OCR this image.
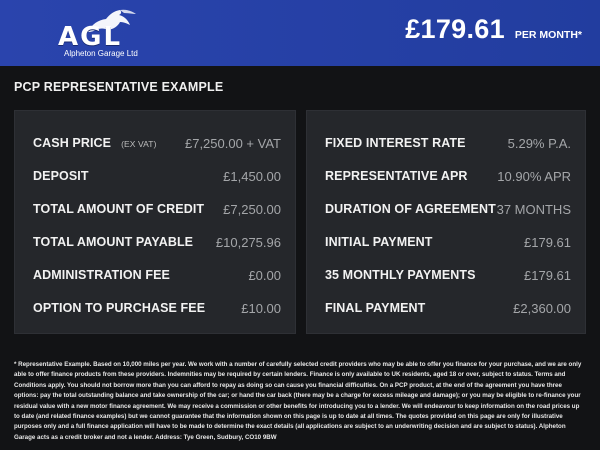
AGL
Alpheton Garage Ltd
£179.61 PER MONTH*
PCP REPRESENTATIVE EXAMPLE
CASH PRICE (EX VAT) £7,250.00 + VAT
DEPOSIT	£1,450.00
TOTAL AMOUNT OF CREDIT £7,250.00
TOTAL AMOUNT PAYABLE £10,275.96
ADMINISTRATION FEE	£0.00
OPTION TO PURCHASE FEE	£10.00
FIXED INTEREST RATE	5.29% P.A.
REPRESENTATIVE APR 10.90% APR
DURATION OF AGREEMENT 37 MONTHS
INITIAL PAYMENT	£179.61
35 MONTHLY PAYMENTS	£179.61
FINAL PAYMENT	£2,360.00
* Representative Example. Based on 10,000 miles per year. We work with a number of carefully selected credit providers who may be able to offer you finance for your purchase, and we are only able to offer finance products from these providers. Indemnities may be required by certain lenders. Finance is only available to UK residents, aged 18 or over, subject to status. Terms and Conditions apply. You should not borrow more than you can afford to repay as doing so can cause you financial difficulties. On a PCP product, at the end of the agreement you have three options: pay the total outstanding balance and take ownership of the car; or hand the car back (there may be a charge for excess mileage and damage); or you may be eligible to re-finance your residual value with a new motor finance agreement. We may receive a commission or other benefits for introducing you to a lender. We will endeavour to keep information on the road prices up to date (and related finance examples) but we cannot guarantee that the information shown on this page is up to date at all times. The quotes provided on this page are only for illustrative purposes only and a full finance application will have to be made to determine the exact details (all applications are subject to an underwriting decision and are subject to status). Alpheton Garage acts as a credit broker and not a lender. Address: Tye Green, Sudbury, CO10 9BW
